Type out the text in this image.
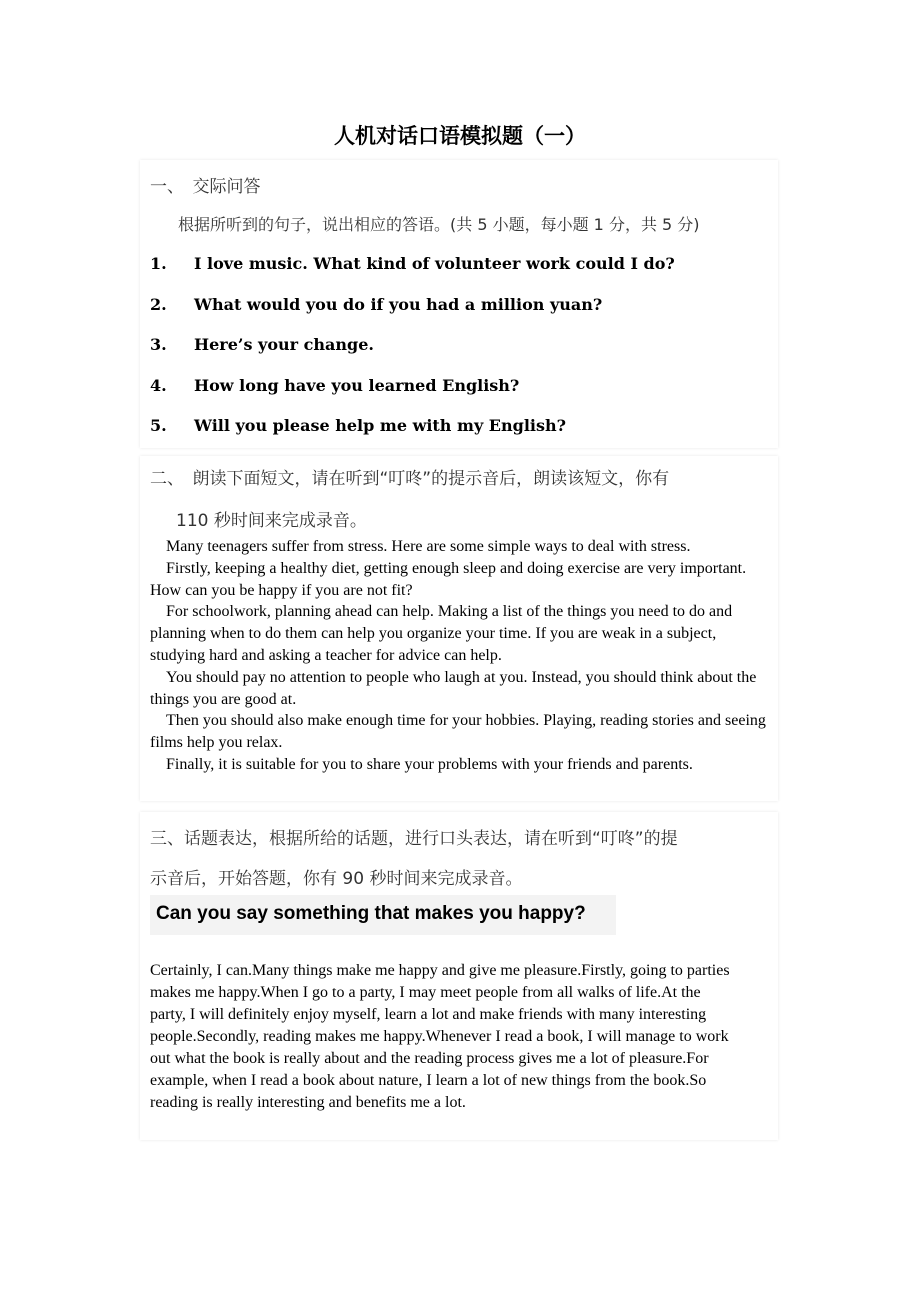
人机对话口语模拟题（一）
一、　交际问答
根据所听到的句子，说出相应的答语。(共 5 小题，每小题 1 分，共 5 分)
1. I love music. What kind of volunteer work could I do?
2. What would you do if you had a million yuan?
3. Here’s your change.
4. How long have you learned English?
5. Will you please help me with my English?
二、　朗读下面短文，请在听到“叮咚”的提示音后，朗读该短文，你有
110 秒时间来完成录音。

Many teenagers suffer from stress. Here are some simple ways to deal with stress.

Firstly, keeping a healthy diet, getting enough sleep and doing exercise are very important. How can you be happy if you are not fit?

For schoolwork, planning ahead can help. Making a list of the things you need to do and planning when to do them can help you organize your time. If you are weak in a subject, studying hard and asking a teacher for advice can help.

You should pay no attention to people who laugh at you. Instead, you should think about the things you are good at.

Then you should also make enough time for your hobbies. Playing, reading stories and seeing films help you relax.

Finally, it is suitable for you to share your problems with your friends and parents.

三、话题表达，根据所给的话题，进行口头表达，请在听到“叮咚”的提
示音后，开始答题，你有 90 秒时间来完成录音。
Can you say something that makes you happy?
Certainly, I can.Many things make me happy and give me pleasure.Firstly, going to parties makes me happy.When I go to a party, I may meet people from all walks of life.At the party, I will definitely enjoy myself, learn a lot and make friends with many interesting people.Secondly, reading makes me happy.Whenever I read a book, I will manage to work out what the book is really about and the reading process gives me a lot of pleasure.For example, when I read a book about nature, I learn a lot of new things from the book.So reading is really interesting and benefits me a lot.
